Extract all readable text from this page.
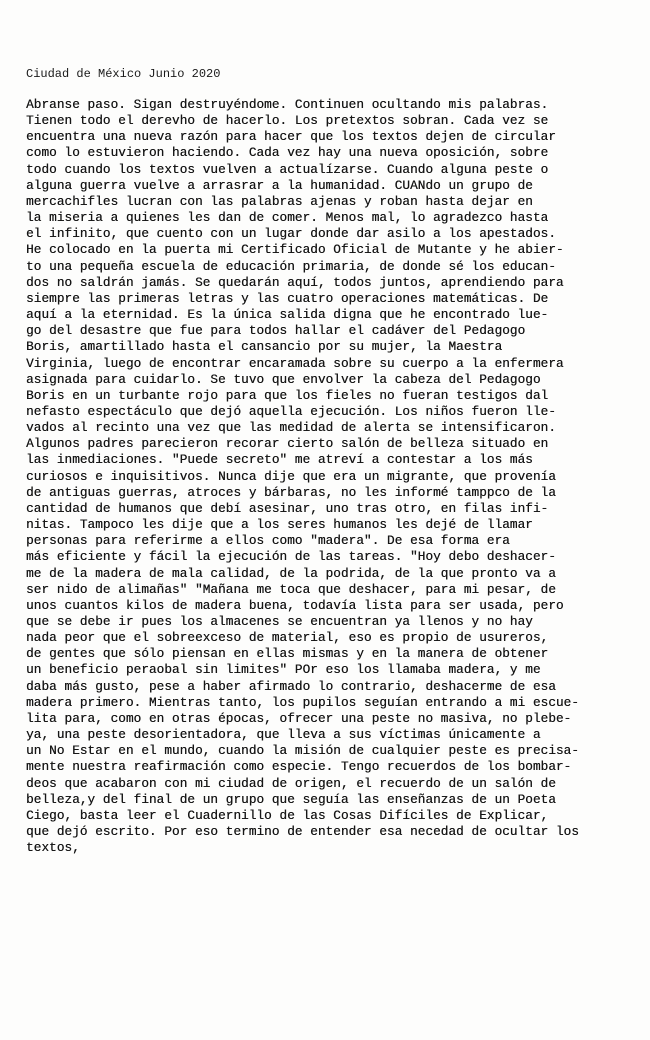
Ciudad de México Junio 2020
Abranse paso. Sigan destruyéndome. Continuen ocultando mis palabras.
Tienen todo el derevho de hacerlo. Los pretextos sobran. Cada vez se
encuentra una nueva razón para hacer que los textos dejen de circular
como lo estuvieron haciendo. Cada vez hay una nueva oposición, sobre
todo cuando los textos vuelven a actualízarse. Cuando alguna peste o
alguna guerra vuelve a arrasrar a la humanidad. CUANdo un grupo de
mercachifles lucran con las palabras ajenas y roban hasta dejar en
la miseria a quienes les dan de comer. Menos mal, lo agradezco hasta
el infinito, que cuento con un lugar donde dar asilo a los apestados.
He colocado en la puerta mi Certificado Oficial de Mutante y he abier-
to una pequeña escuela de educación primaria, de donde sé los educan-
dos no saldrán jamás. Se quedarán aquí, todos juntos, aprendiendo para
siempre las primeras letras y las cuatro operaciones matemáticas. De
aquí a la eternidad. Es la única salida digna que he encontrado lue-
go del desastre que fue para todos hallar el cadáver del Pedagogo
Boris, amartillado hasta el cansancio por su mujer, la Maestra
Virginia, luego de encontrar encaramada sobre su cuerpo a la enfermera
asignada para cuidarlo. Se tuvo que envolver la cabeza del Pedagogo
Boris en un turbante rojo para que los fieles no fueran testigos dal
nefasto espectáculo que dejó aquella ejecución. Los niños fueron lle-
vados al recinto una vez que las medidad de alerta se intensificaron.
Algunos padres parecieron recorar cierto salón de belleza situado en
las inmediaciones. "Puede secreto" me atreví a contestar a los más
curiosos e inquisitivos. Nunca dije que era un migrante, que provenía
de antiguas guerras, atroces y bárbaras, no les informé tamppco de la
cantidad de humanos que debí asesinar, uno tras otro, en filas infi-
nitas. Tampoco les dije que a los seres humanos les dejé de llamar
personas para referirme a ellos como "madera". De esa forma era
más eficiente y fácil la ejecución de las tareas. "Hoy debo deshacer-
me de la madera de mala calidad, de la podrida, de la que pronto va a
ser nido de alimañas" "Mañana me toca que deshacer, para mi pesar, de
unos cuantos kilos de madera buena, todavía lista para ser usada, pero
que se debe ir pues los almacenes se encuentran ya llenos y no hay
nada peor que el sobreexceso de material, eso es propio de usureros,
de gentes que sólo piensan en ellas mismas y en la manera de obtener
un beneficio peraobal sin limites" POr eso los llamaba madera, y me
daba más gusto, pese a haber afirmado lo contrario, deshacerme de esa
madera primero. Mientras tanto, los pupilos seguían entrando a mi escue-
lita para, como en otras épocas, ofrecer una peste no masiva, no plebe-
ya, una peste desorientadora, que lleva a sus víctimas únicamente a
un No Estar en el mundo, cuando la misión de cualquier peste es precisa-
mente nuestra reafirmación como especie. Tengo recuerdos de los bombar-
deos que acabaron con mi ciudad de origen, el recuerdo de un salón de
belleza,y del final de un grupo que seguía las enseñanzas de un Poeta
Ciego, basta leer el Cuadernillo de las Cosas Difíciles de Explicar,
que dejó escrito. Por eso termino de entender esa necedad de ocultar los
textos,
